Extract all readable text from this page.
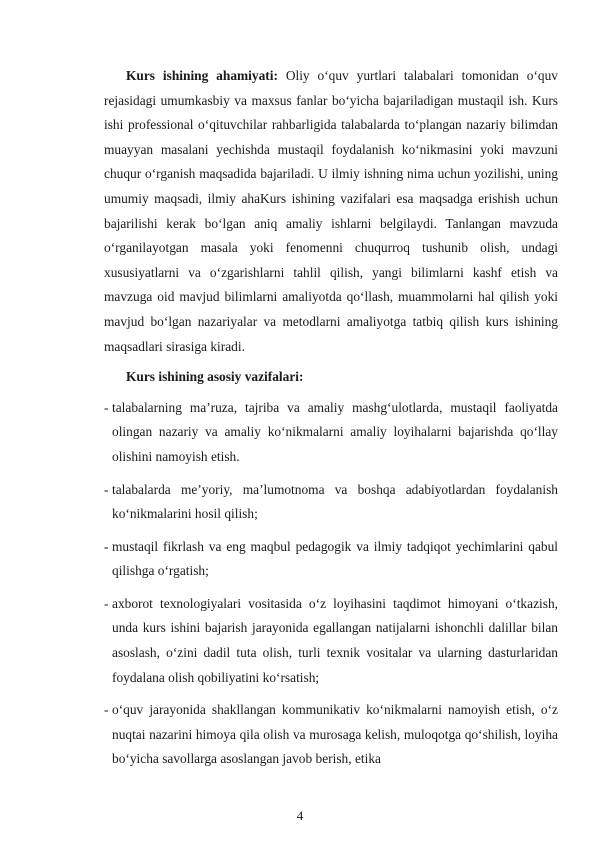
Kurs ishining ahamiyati: Oliy o‘quv yurtlari talabalari tomonidan o‘quv rejasidagi umumkasbiy va maxsus fanlar bo‘yicha bajariladigan mustaqil ish. Kurs ishi professional o‘qituvchilar rahbarligida talabalarda to‘plangan nazariy bilimdan muayyan masalani yechishda mustaqil foydalanish ko‘nikmasini yoki mavzuni chuqur o‘rganish maqsadida bajariladi. U ilmiy ishning nima uchun yozilishi, uning umumiy maqsadi, ilmiy ahaKurs ishining vazifalari esa maqsadga erishish uchun bajarilishi kerak bo‘lgan aniq amaliy ishlarni belgilaydi. Tanlangan mavzuda o‘rganilayotgan masala yoki fenomenni chuqurroq tushunib olish, undagi xususiyatlarni va o‘zgarishlarni tahlil qilish, yangi bilimlarni kashf etish va mavzuga oid mavjud bilimlarni amaliyotda qo‘llash, muammolarni hal qilish yoki mavjud bo‘lgan nazariyalar va metodlarni amaliyotga tatbiq qilish kurs ishining maqsadlari sirasiga kiradi.

Kurs ishining asosiy vazifalari:

- talabalarning ma’ruza, tajriba va amaliy mashg‘ulotlarda, mustaqil faoliyatda olingan nazariy va amaliy ko‘nikmalarni amaliy loyihalarni bajarishda qo‘llay olishini namoyish etish.
- talabalarda me’yoriy, ma’lumotnoma va boshqa adabiyotlardan foydalanish ko‘nikmalarini hosil qilish;
- mustaqil fikrlash va eng maqbul pedagogik va ilmiy tadqiqot yechimlarini qabul qilishga o‘rgatish;
- axborot texnologiyalari vositasida o‘z loyihasini taqdimot himoyani o‘tkazish, unda kurs ishini bajarish jarayonida egallangan natijalarni ishonchli dalillar bilan asoslash, o‘zini dadil tuta olish, turli texnik vositalar va ularning dasturlaridan foydalana olish qobiliyatini ko‘rsatish;
- o‘quv jarayonida shakllangan kommunikativ ko‘nikmalarni namoyish etish, o‘z nuqtai nazarini himoya qila olish va murosaga kelish, muloqotga qo‘shilish, loyiha bo‘yicha savollarga asoslangan javob berish, etika
4
